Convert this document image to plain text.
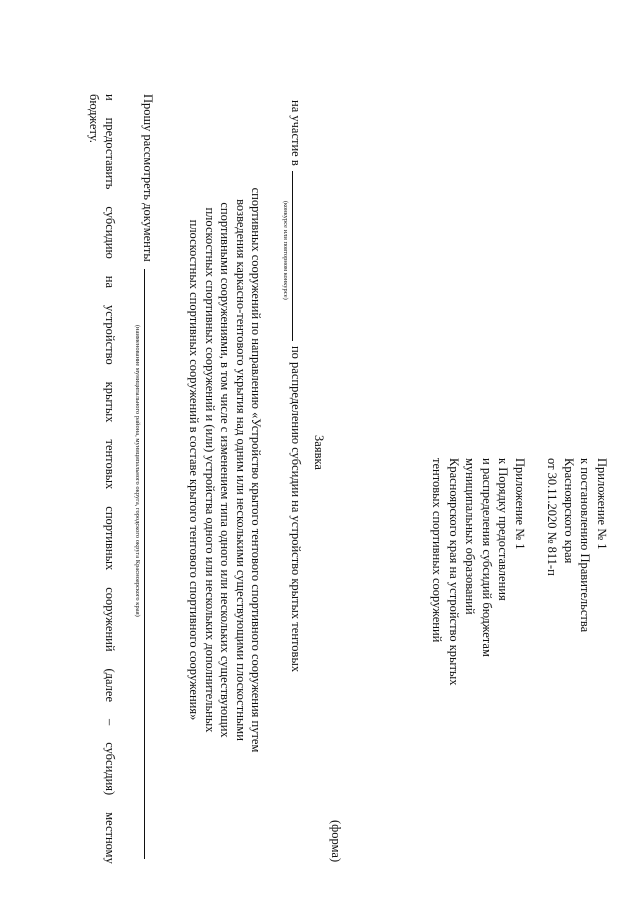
Приложение № 1
к постановлению Правительства
Красноярского края
от 30.11.2020 № 811-п
Приложение № 1
к Порядку предоставления
и распределения субсидий бюджетам
муниципальных образований
Красноярского края на устройство крытых
тентовых спортивных сооружений
(форма)
Заявка
на участие в
(конкурсе или повторном конкурсе)
по распределению субсидии на устройство крытых тентовых
спортивных сооружений по направлению «Устройство крытого тентового спортивного сооружения путем
возведения каркасно-тентового укрытия над одним или несколькими существующими плоскостными
спортивными сооружениями, в том числе с изменением типа одного или нескольких существующих
плоскостных спортивных сооружений и (или) устройства одного или нескольких дополнительных
плоскостных спортивных сооружений в составе крытого тентового спортивного сооружения»
Прошу рассмотреть документы
(наименование муниципального района, муниципального округа, городского округа Красноярского края)
и
предоставить
субсидию
на
устройство
крытых
тентовых
спортивных
сооружений
(далее
–
субсидия)
местному
бюджету.
